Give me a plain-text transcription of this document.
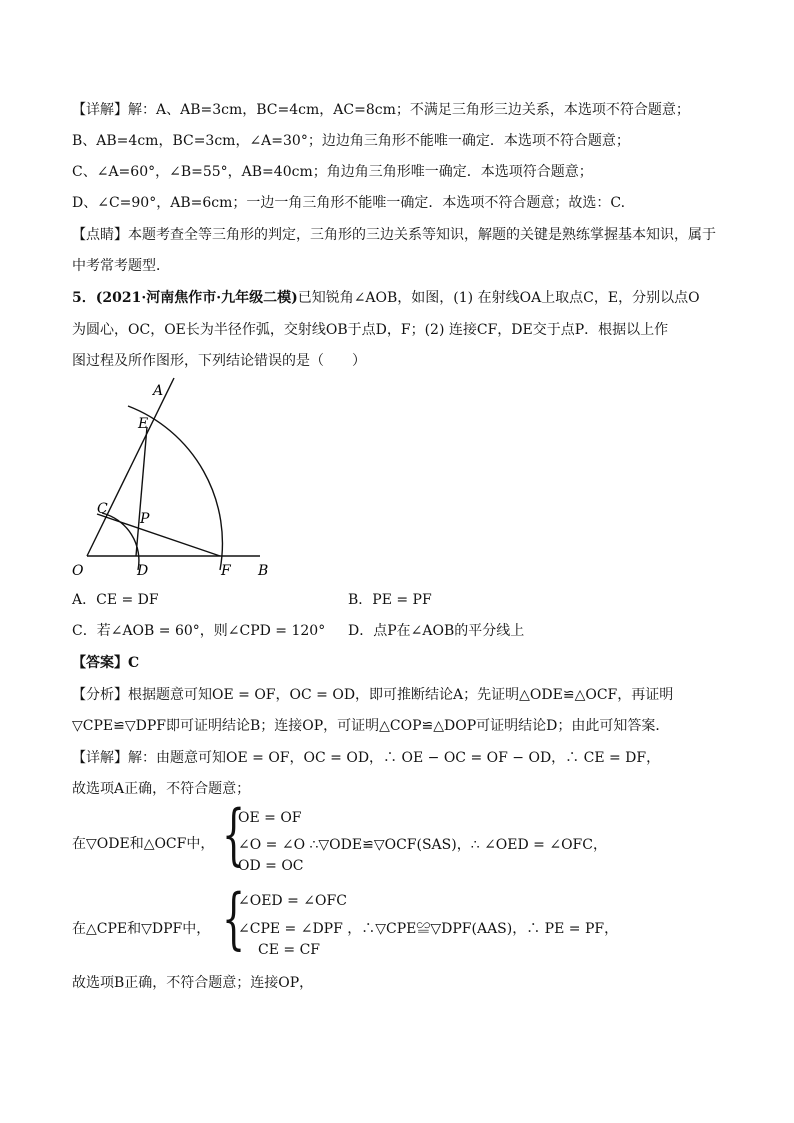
【详解】解：A、AB=3cm，BC=4cm，AC=8cm；不满足三角形三边关系，本选项不符合题意；
B、AB=4cm，BC=3cm，∠A=30°；边边角三角形不能唯一确定．本选项不符合题意；
C、∠A=60°，∠B=55°，AB=40cm；角边角三角形唯一确定．本选项符合题意；
D、∠C=90°，AB=6cm；一边一角三角形不能唯一确定．本选项不符合题意；故选：C.
【点睛】本题考查全等三角形的判定，三角形的三边关系等知识，解题的关键是熟练掌握基本知识，属于
中考常考题型．
5．(2021·河南焦作市·九年级二模)已知锐角∠AOB，如图，(1) 在射线OA上取点C，E，分别以点O
为圆心，OC，OE长为半径作弧，交射线OB于点D，F；(2) 连接CF，DE交于点P．根据以上作
图过程及所作图形，下列结论错误的是（　　）
A
E
C
P
O	D	F B
A．CE = DF	B．PE = PF
C．若∠AOB = 60°，则∠CPD = 120° D．点P在∠AOB的平分线上
【答案】C
【分析】根据题意可知OE = OF，OC = OD，即可推断结论A；先证明△ODE≌△OCF，再证明
▽CPE≌▽DPF即可证明结论B；连接OP，可证明△COP≌△DOP可证明结论D；由此可知答案．
【详解】解：由题意可知OE = OF，OC = OD，∴ OE − OC = OF − OD，∴ CE = DF，
故选项A正确，不符合题意；
在▽ODE和△OCF中， {
OE = OF
∠O = ∠O ∴▽ODE≌▽OCF(SAS)，∴ ∠OED = ∠OFC，
OD = OC
在△CPE和▽DPF中， {
∠OED = ∠OFC
∠CPE = ∠DPF ，∴▽CPE≌▽DPF(AAS)，∴ PE = PF，
CE = CF
故选项B正确，不符合题意；连接OP，
